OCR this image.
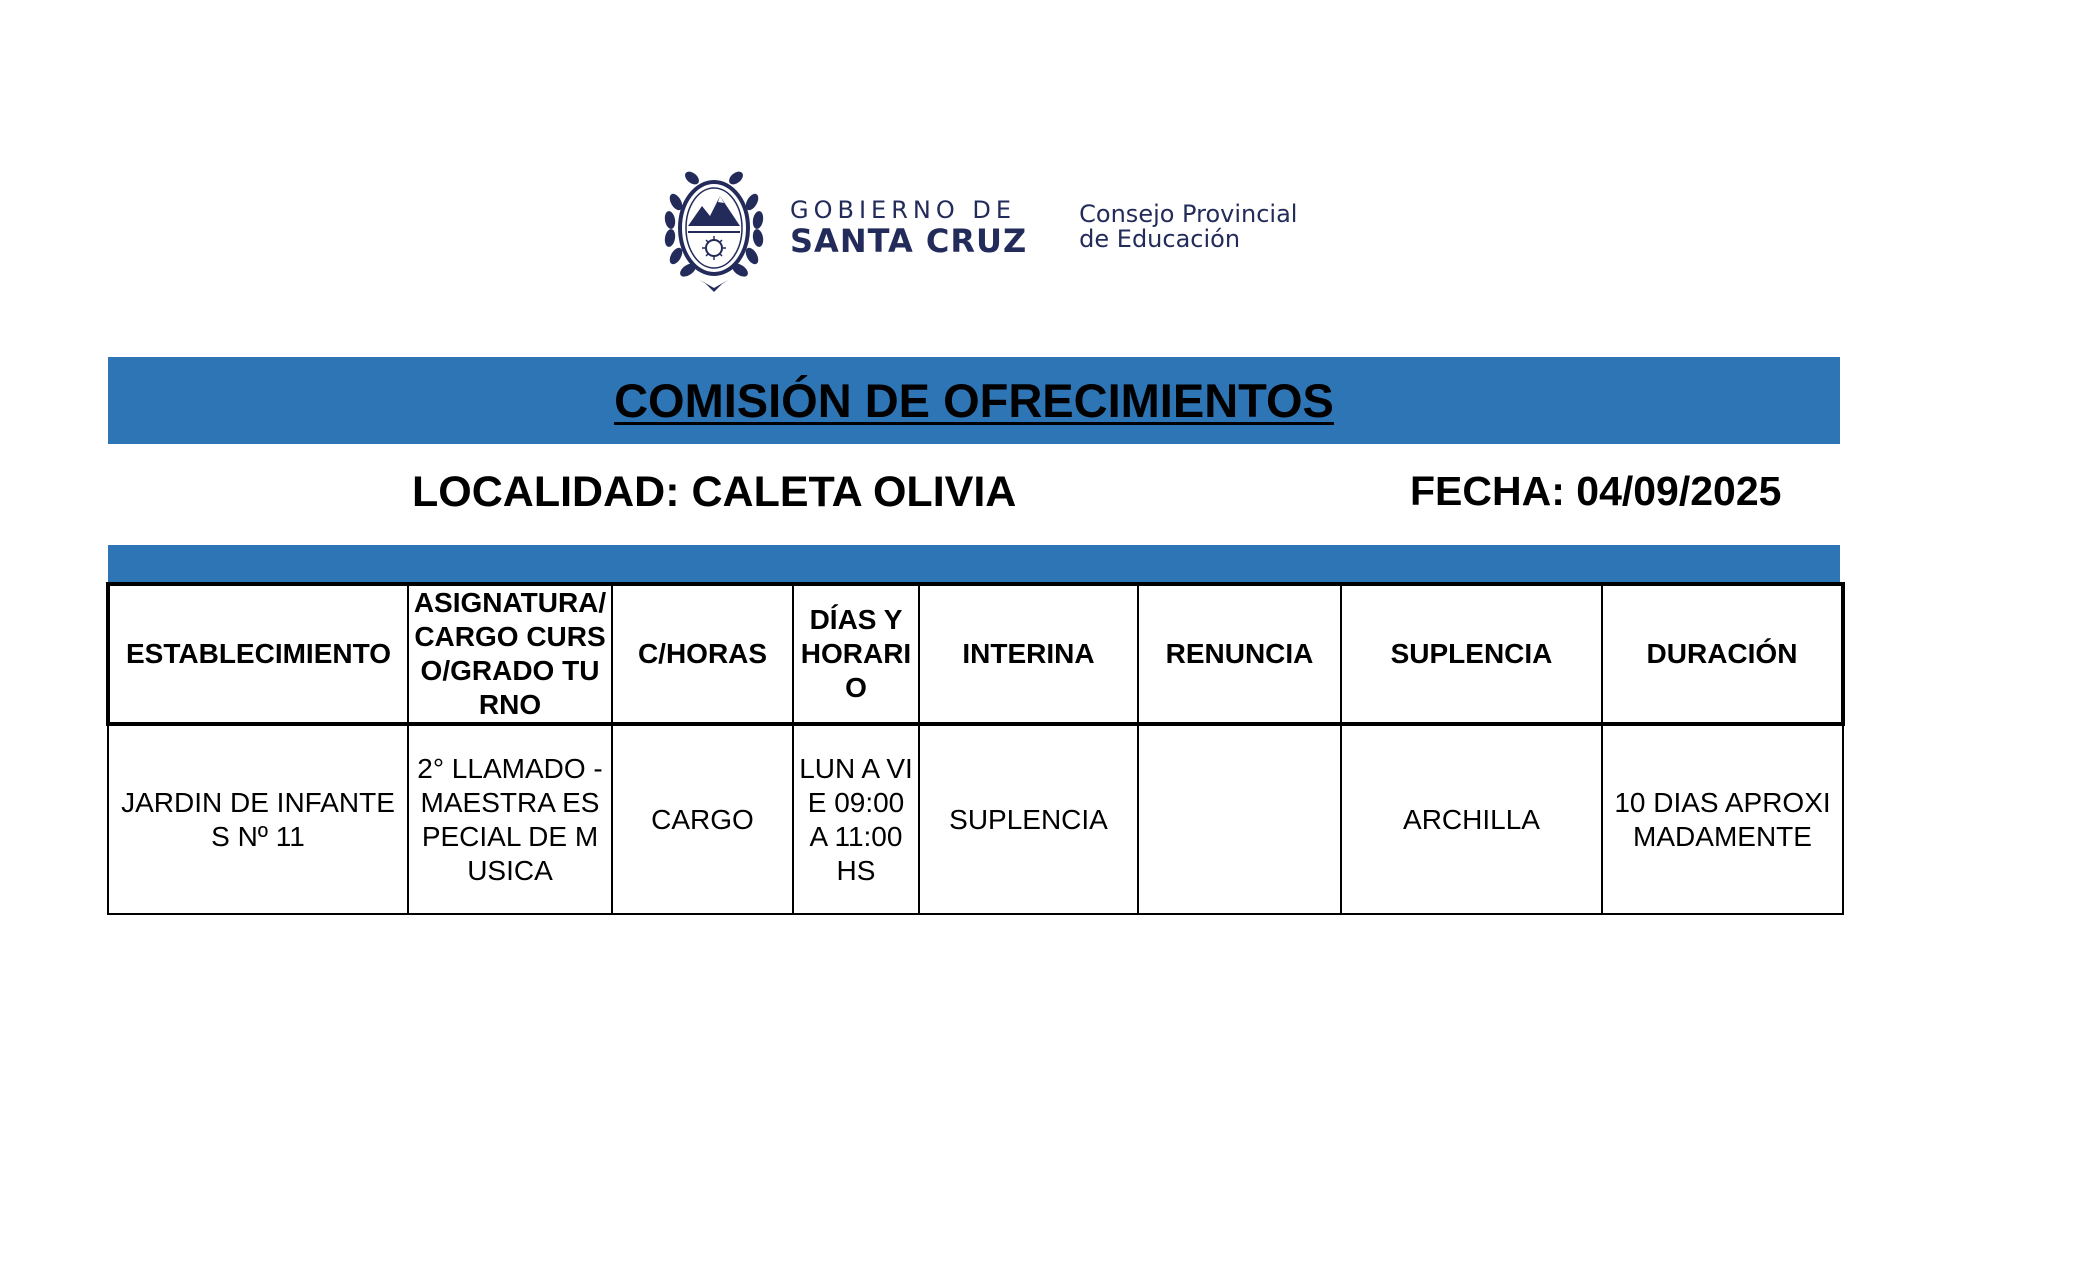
GOBIERNO DE
SANTA CRUZ
Consejo Provincial
de Educación
COMISIÓN DE OFRECIMIENTOS
LOCALIDAD: CALETA OLIVIA	FECHA: 04/09/2025
ESTABLECIMIENTO	ASIGNATURA/ CARGO CURSO/GRADO TURNO	C/HORAS	DÍAS Y HORARIO	INTERINA	RENUNCIA	SUPLENCIA	DURACIÓN
JARDIN DE INFANTES Nº 11	2° LLAMADO - MAESTRA ESPECIAL DE MUSICA	CARGO	LUN A VIE 09:00 A 11:00 HS	SUPLENCIA		ARCHILLA	10 DIAS APROXIMADAMENTE
